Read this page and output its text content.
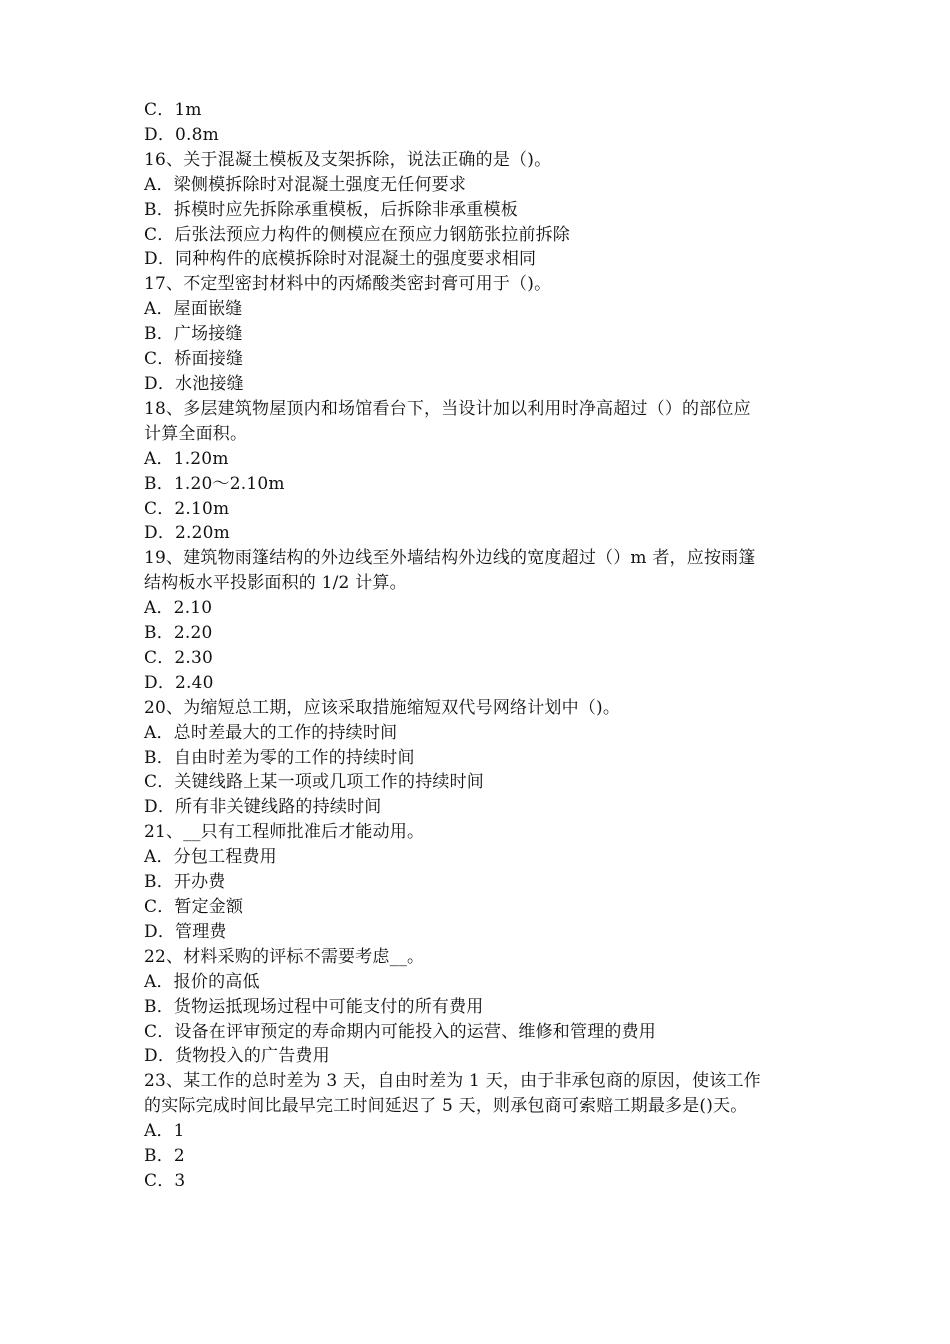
C．1m
D．0.8m
16、关于混凝土模板及支架拆除，说法正确的是（)。
A．梁侧模拆除时对混凝土强度无任何要求
B．拆模时应先拆除承重模板，后拆除非承重模板
C．后张法预应力构件的侧模应在预应力钢筋张拉前拆除
D．同种构件的底模拆除时对混凝土的强度要求相同
17、不定型密封材料中的丙烯酸类密封膏可用于（)。
A．屋面嵌缝
B．广场接缝
C．桥面接缝
D．水池接缝
18、多层建筑物屋顶内和场馆看台下，当设计加以利用时净高超过（）的部位应
计算全面积。
A．1.20m
B．1.20～2.10m
C．2.10m
D．2.20m
19、建筑物雨篷结构的外边线至外墙结构外边线的宽度超过（）m 者，应按雨篷
结构板水平投影面积的 1/2 计算。
A．2.10
B．2.20
C．2.30
D．2.40
20、为缩短总工期，应该采取措施缩短双代号网络计划中（)。
A．总时差最大的工作的持续时间
B．自由时差为零的工作的持续时间
C．关键线路上某一项或几项工作的持续时间
D．所有非关键线路的持续时间
21、__只有工程师批准后才能动用。
A．分包工程费用
B．开办费
C．暂定金额
D．管理费
22、材料采购的评标不需要考虑__。
A．报价的高低
B．货物运抵现场过程中可能支付的所有费用
C．设备在评审预定的寿命期内可能投入的运营、维修和管理的费用
D．货物投入的广告费用
23、某工作的总时差为 3 天，自由时差为 1 天，由于非承包商的原因，使该工作
的实际完成时间比最早完工时间延迟了 5 天，则承包商可索赔工期最多是()天。
A．1
B．2
C．3
